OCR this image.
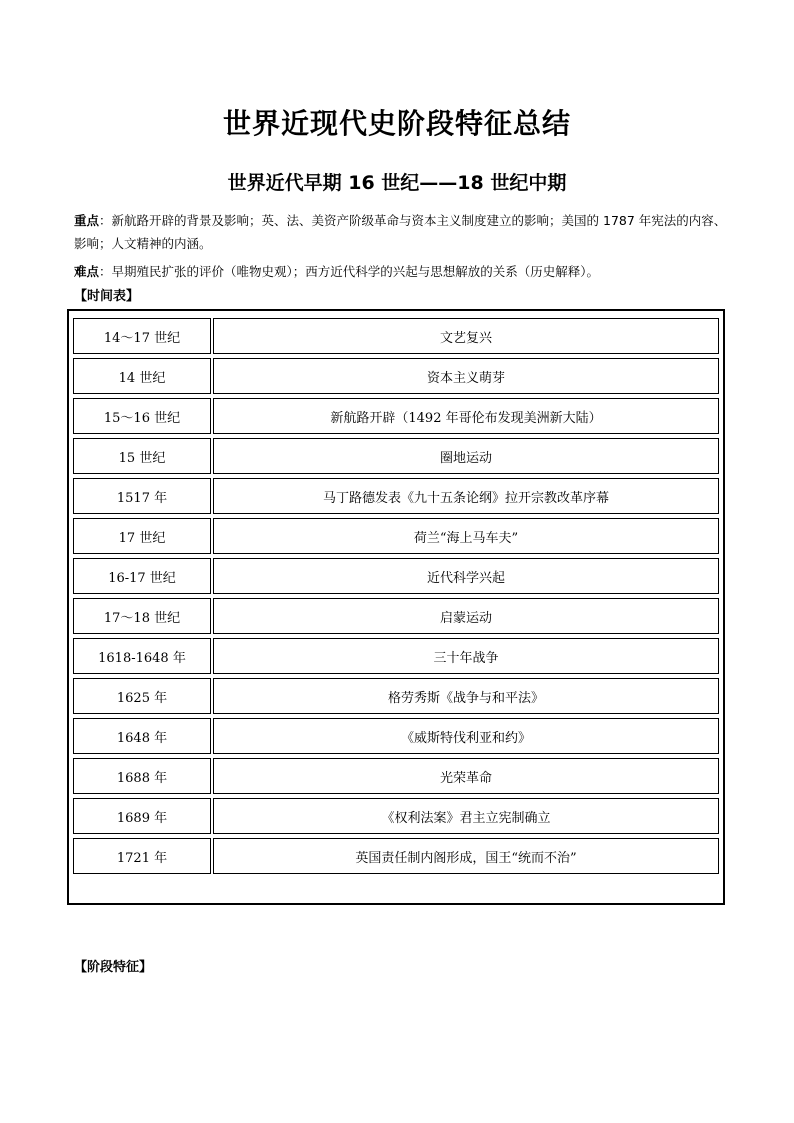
世界近现代史阶段特征总结
世界近代早期 16 世纪——18 世纪中期
重点：新航路开辟的背景及影响；英、法、美资产阶级革命与资本主义制度建立的影响；美国的 1787 年宪法的内容、影响；人文精神的内涵。
难点：早期殖民扩张的评价（唯物史观）；西方近代科学的兴起与思想解放的关系（历史解释）。
【时间表】
14～17 世纪	文艺复兴
14 世纪	资本主义萌芽
15～16 世纪	新航路开辟（1492 年哥伦布发现美洲新大陆）
15 世纪	圈地运动
1517 年	马丁路德发表《九十五条论纲》拉开宗教改革序幕
17 世纪	荷兰“海上马车夫”
16-17 世纪	近代科学兴起
17～18 世纪	启蒙运动
1618-1648 年	三十年战争
1625 年	格劳秀斯《战争与和平法》
1648 年	《威斯特伐利亚和约》
1688 年	光荣革命
1689 年	《权利法案》君主立宪制确立
1721 年	英国责任制内阁形成，国王“统而不治”
【阶段特征】
